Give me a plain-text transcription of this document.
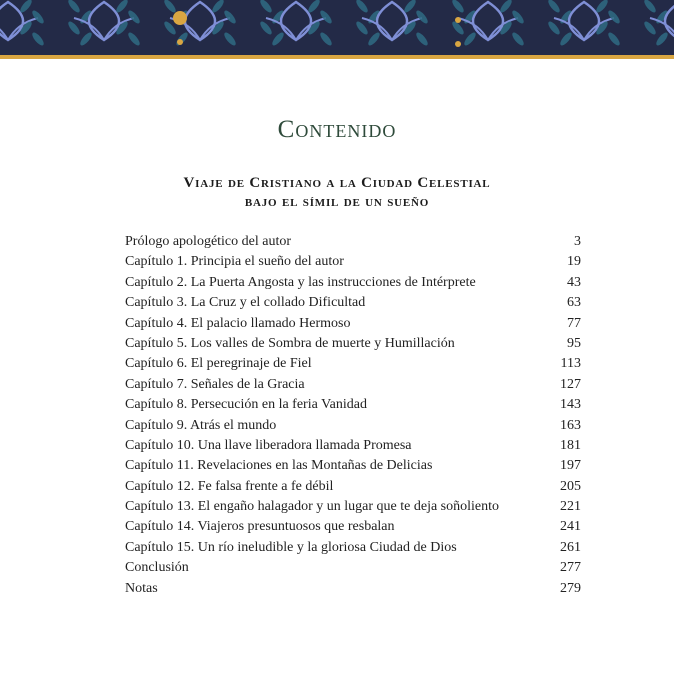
Contenido
Viaje de Cristiano a la Ciudad Celestial
bajo el símil de un sueño
Prólogo apologético del autor	3
Capítulo 1. Principia el sueño del autor	19
Capítulo 2. La Puerta Angosta y las instrucciones de Intérprete	43
Capítulo 3. La Cruz y el collado Dificultad	63
Capítulo 4. El palacio llamado Hermoso	77
Capítulo 5. Los valles de Sombra de muerte y Humillación	95
Capítulo 6. El peregrinaje de Fiel	113
Capítulo 7. Señales de la Gracia	127
Capítulo 8. Persecución en la feria Vanidad	143
Capítulo 9. Atrás el mundo	163
Capítulo 10. Una llave liberadora llamada Promesa	181
Capítulo 11. Revelaciones en las Montañas de Delicias	197
Capítulo 12. Fe falsa frente a fe débil	205
Capítulo 13. El engaño halagador y un lugar que te deja soñoliento	221
Capítulo 14. Viajeros presuntuosos que resbalan	241
Capítulo 15. Un río ineludible y la gloriosa Ciudad de Dios	261
Conclusión	277
Notas	279
